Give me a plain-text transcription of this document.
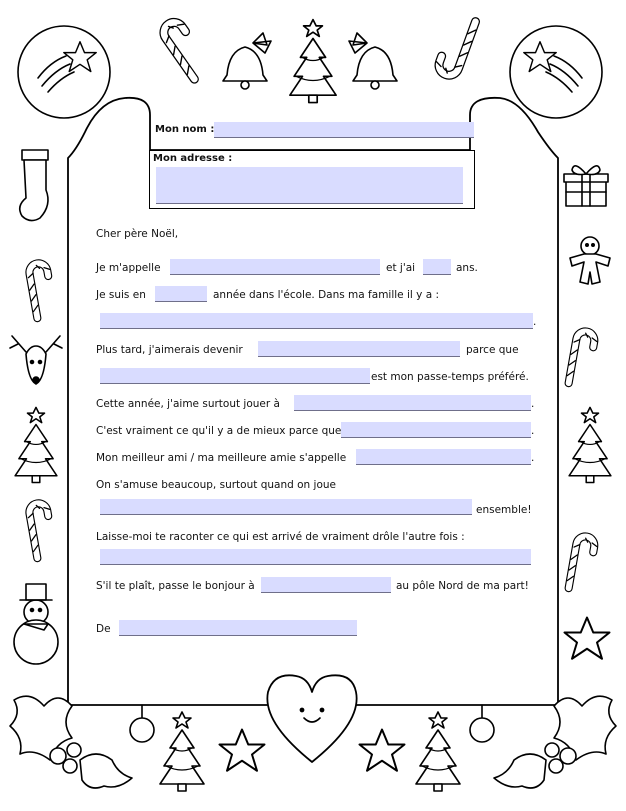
Mon nom :
Mon adresse :
Cher père Noël,
Je m'appelle	et j'ai	ans.
Je suis en	année dans l'école. Dans ma famille il y a :
.
Plus tard, j'aimerais devenir	parce que
est mon passe-temps préféré.
Cette année, j'aime surtout jouer à	.
C'est vraiment ce qu'il y a de mieux parce que	.
Mon meilleur ami / ma meilleure amie s'appelle	.
On s'amuse beaucoup, surtout quand on joue
ensemble!
Laisse-moi te raconter ce qui est arrivé de vraiment drôle l'autre fois :
S'il te plaît, passe le bonjour à	au pôle Nord de ma part!
De
